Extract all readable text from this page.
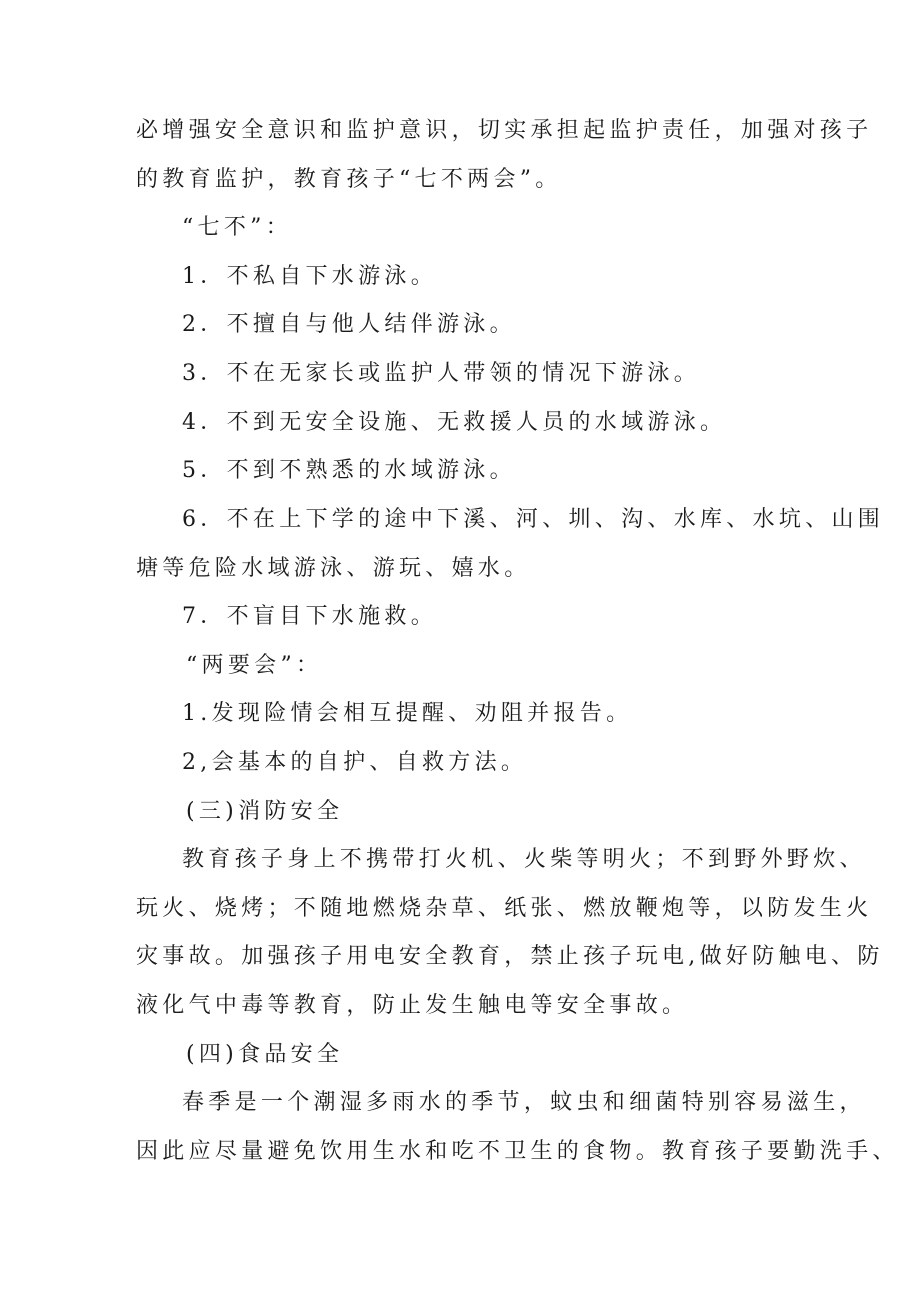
必增强安全意识和监护意识，切实承担起监护责任，加强对孩子
的教育监护，教育孩子“七不两会”。
“七不”：
1．不私自下水游泳。
2．不擅自与他人结伴游泳。
3．不在无家长或监护人带领的情况下游泳。
4．不到无安全设施、无救援人员的水域游泳。
5．不到不熟悉的水域游泳。
6．不在上下学的途中下溪、河、圳、沟、水库、水坑、山围
塘等危险水域游泳、游玩、嬉水。
7．不盲目下水施救。
“两要会”：
1.发现险情会相互提醒、劝阻并报告。
2,会基本的自护、自救方法。
(三)消防安全
教育孩子身上不携带打火机、火柴等明火；不到野外野炊、
玩火、烧烤；不随地燃烧杂草、纸张、燃放鞭炮等，以防发生火
灾事故。加强孩子用电安全教育，禁止孩子玩电,做好防触电、防
液化气中毒等教育，防止发生触电等安全事故。
(四)食品安全
春季是一个潮湿多雨水的季节，蚊虫和细菌特别容易滋生，
因此应尽量避免饮用生水和吃不卫生的食物。教育孩子要勤洗手、
